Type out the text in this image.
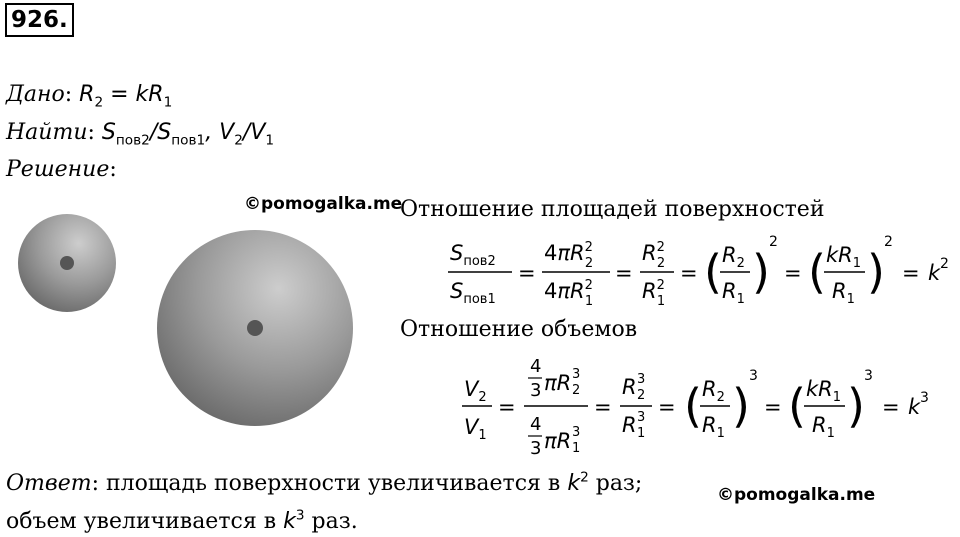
926.
Дано: $R_2 = kR_1$
Найти: $S_{пов2}/S_{пов1}$, $V_2/V_1$
Решение:
©pomogalka.me
Отношение площадей поверхностей
$S_{пов2}$
$S_{пов1}$
=
$4\pi R^2$ 2
$4\pi R^2$ 1
=
$R^2$ 2
$R^2$ 1
= ( $R_2$
$R_1$
)
2
= ( $kR_1$
$R_1$
)
2
= k 2
Отношение объемов
$V_2$
$V_1$
=
4
3 πR 3
2
4
3 πR 3
1
=
R 3
2
R 3
1
= ( $R_2$
$R_1$
)
3
= ( $kR_1$
$R_1$
)
3
= k 3
Ответ: площадь поверхности увеличивается в $k^2$ раз;	©pomogalka.me
объем увеличивается в $k^3$ раз.
